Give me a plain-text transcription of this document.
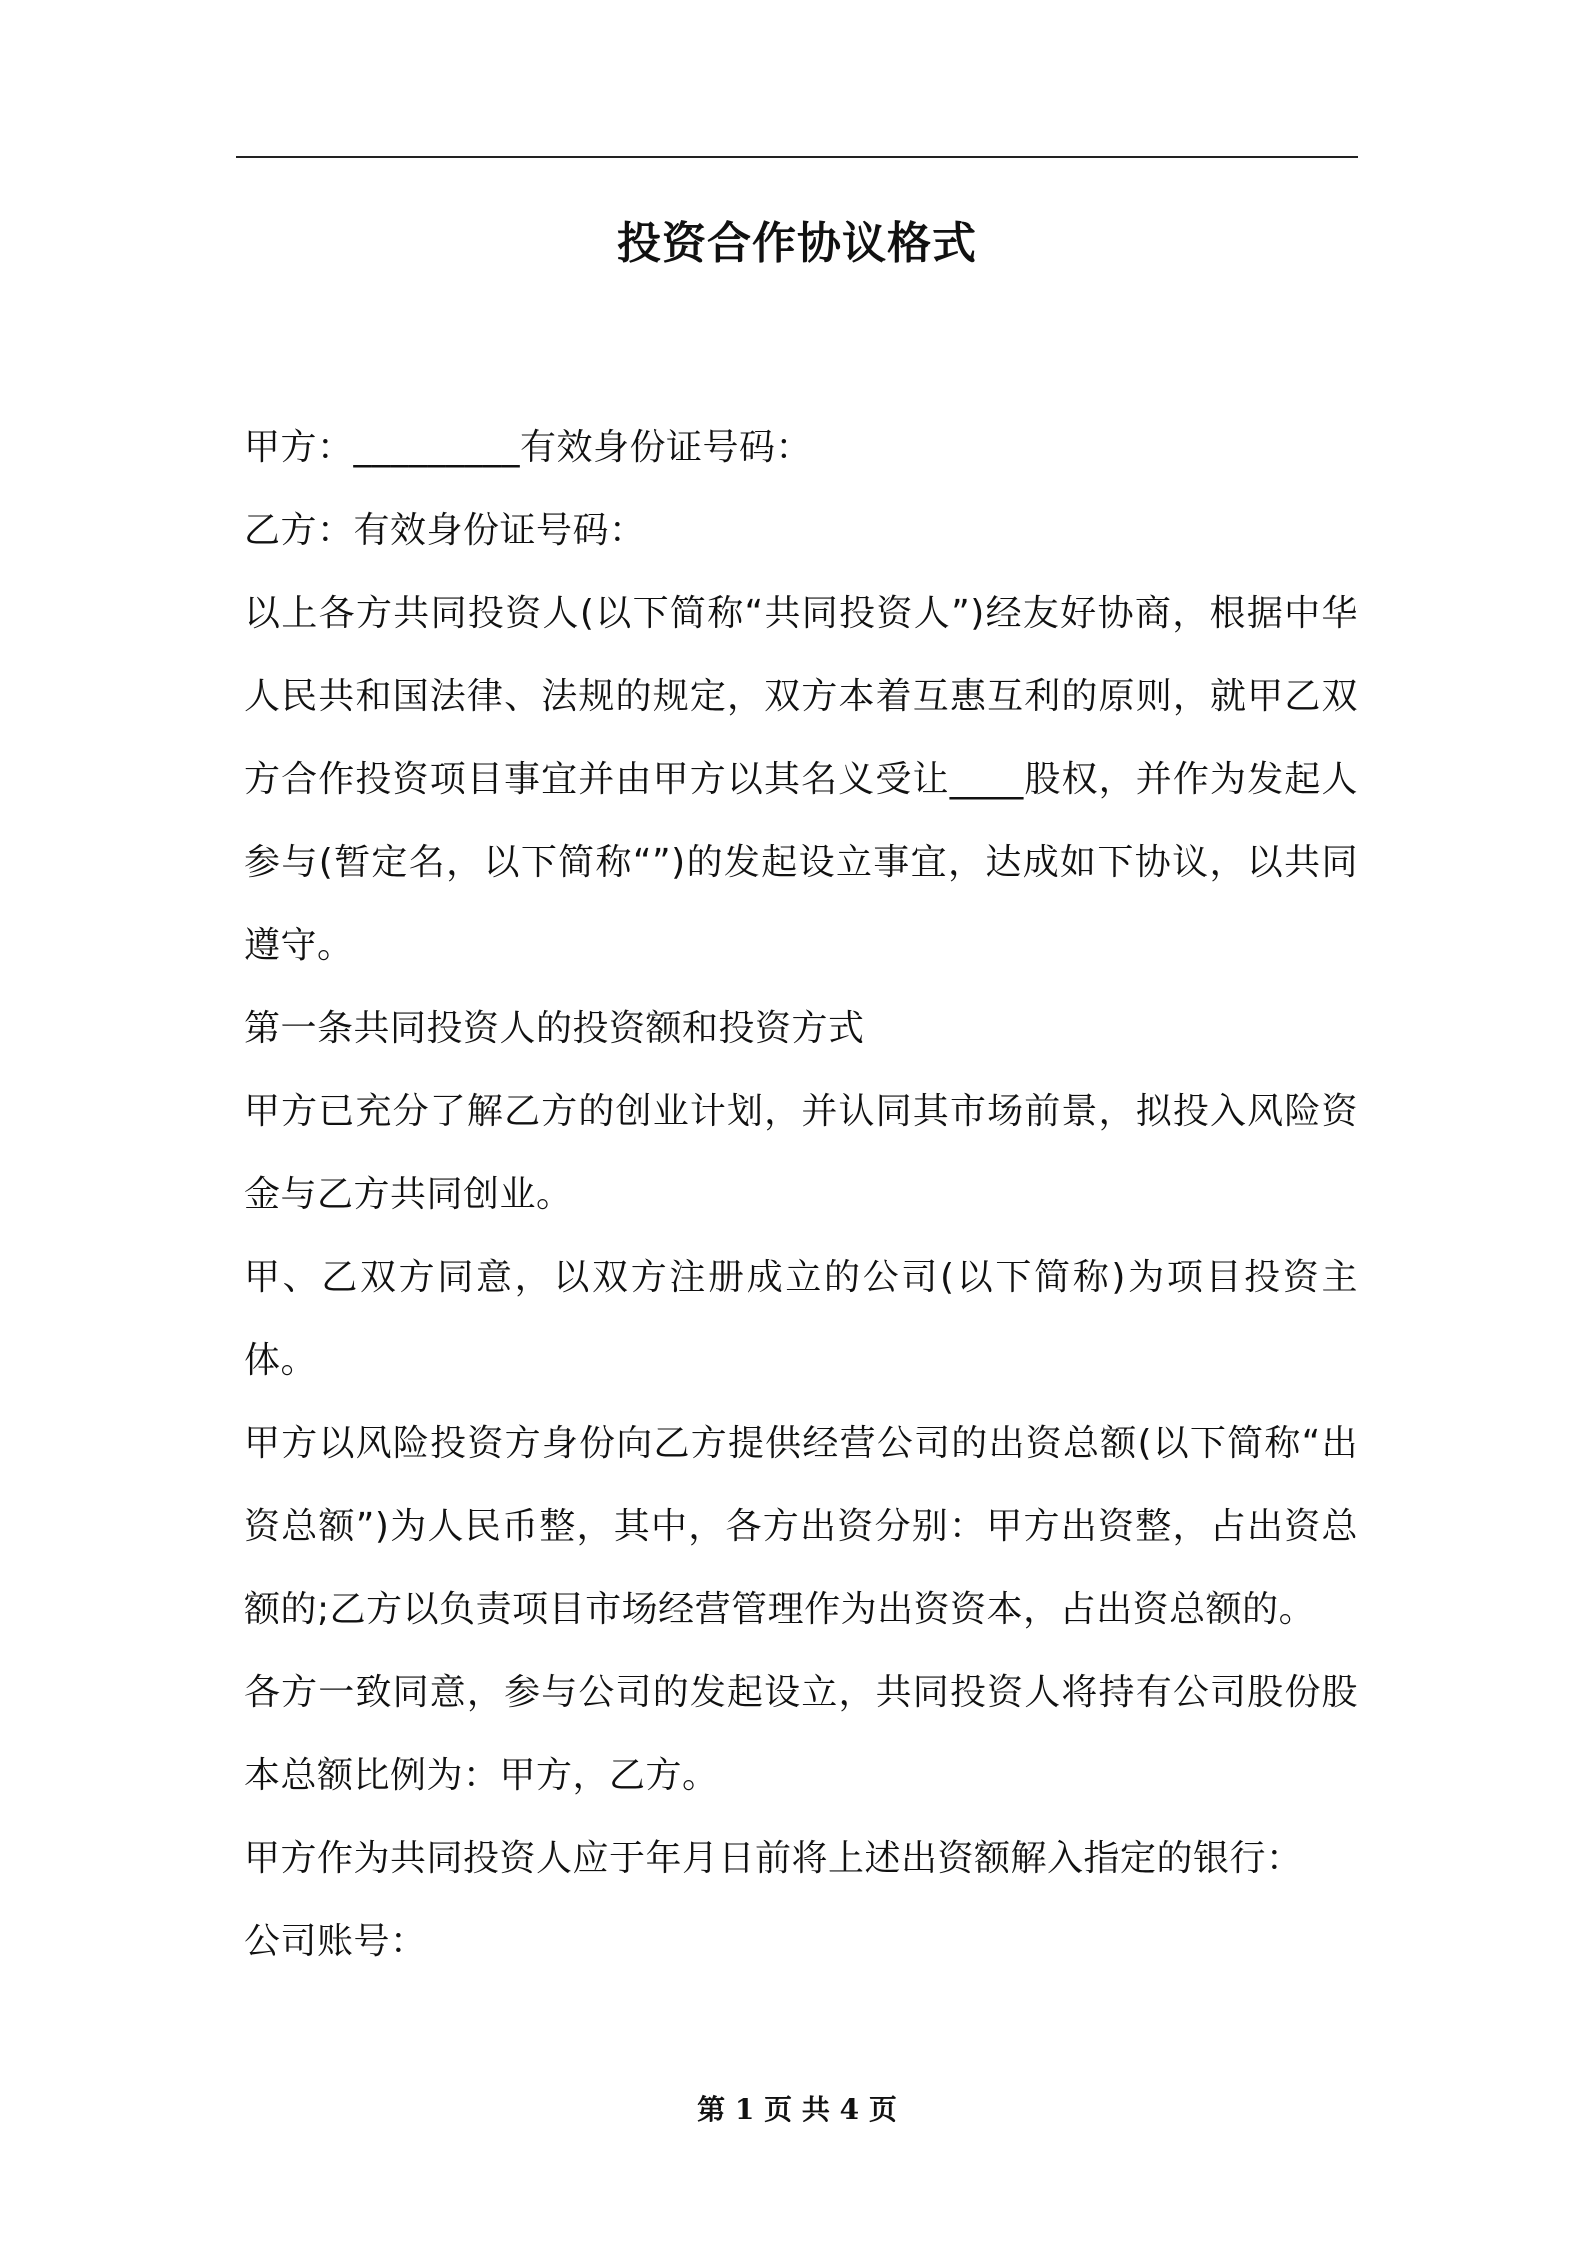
投资合作协议格式

甲方：_________有效身份证号码：

乙方：有效身份证号码：

以上各方共同投资人(以下简称“共同投资人”)经友好协商，根据中华人民共和国法律、法规的规定，双方本着互惠互利的原则，就甲乙双方合作投资项目事宜并由甲方以其名义受让____股权，并作为发起人参与(暂定名，以下简称“”)的发起设立事宜，达成如下协议，以共同遵守。

第一条共同投资人的投资额和投资方式

甲方已充分了解乙方的创业计划，并认同其市场前景，拟投入风险资金与乙方共同创业。

甲、乙双方同意，以双方注册成立的公司(以下简称)为项目投资主体。

甲方以风险投资方身份向乙方提供经营公司的出资总额(以下简称“出资总额”)为人民币整，其中，各方出资分别：甲方出资整，占出资总额的;乙方以负责项目市场经营管理作为出资资本，占出资总额的。

各方一致同意，参与公司的发起设立，共同投资人将持有公司股份股本总额比例为：甲方，乙方。

甲方作为共同投资人应于年月日前将上述出资额解入指定的银行：

公司账号：

第 1 页 共 4 页
